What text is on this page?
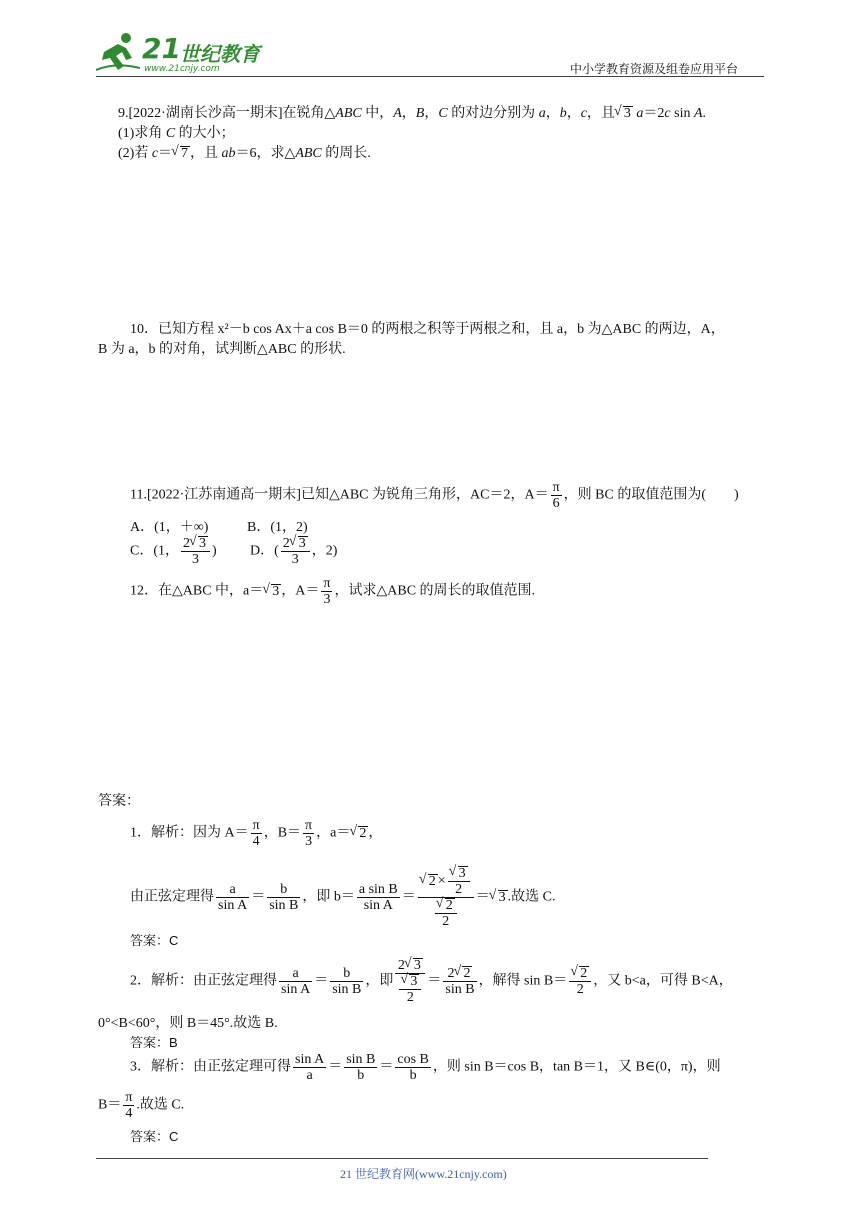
21 世纪教育
www.21cnjy.com	中小学教育资源及组卷应用平台
9.[2022·湖南长沙高一期末]在锐角△ABC 中，A，B，C 的对边分别为 a，b，c，且 √ 3 a＝2c sin A.
(1)求角 C 的大小；
(2)若 c＝ √ 7 ，且 ab＝6，求△ABC 的周长.
10．已知方程 x²－b cos Ax＋a cos B＝0 的两根之积等于两根之和，且 a，b 为△ABC 的两边，A，
B 为 a，b 的对角，试判断△ABC 的形状.
11.[2022·江苏南通高一期末]已知△ABC 为锐角三角形，AC＝2，$A= \frac{\pi}{6}$ ，则 BC 的取值范围为(　　)
A．(1，＋∞)	B．(1，2)
C．(1， $\frac{2 √ 3}{3}$ ) D．( $\frac{2 √ 3}{3}$ ，2)
12．在△ABC 中，a＝ √ 3 ，$A= \frac{\pi}{3}$ ，试求△ABC 的周长的取值范围.
答案：
1．解析：因为 $A= \frac{\pi}{4}$ ，$B= \frac{\pi}{3}$ ，a＝ √ 2 ，
由正弦定理得 $\frac{a}{\text{sin A}} = \frac{b}{\text{sin B}}$ ，即 $b= \frac{\text{a sin B}}{\text{sin A}}$ ＝ √ 2 × √ $\frac{3}{2}$
√ $\frac{2}{2}$ ＝ √ 3 .故选 C.
答案：C
2．解析：由正弦定理得 $\frac{a}{\text{sin A}} = \frac{b}{\text{sin B}}$ ，即 2 √ 3
√ $\frac{3}{2} = \frac{2 √ 2}{\text{sin B}}$ ，解得 sin B＝ √ $\frac{2}{2}$ ，又 b<a，可得 B<A，
0°<B<60°，则 B＝45°.故选 B.
答案：B
3．解析：由正弦定理可得 $\frac{\text{sin A}}{a} = \frac{\text{sin B}}{b} = \frac{\text{cos B}}{b}$ ，则 sin B＝cos B，tan B＝1，又 B∈(0，π)，则
$B= \frac{\pi}{4}$ .故选 C.
答案：C
21 世纪教育网(www.21cnjy.com)
